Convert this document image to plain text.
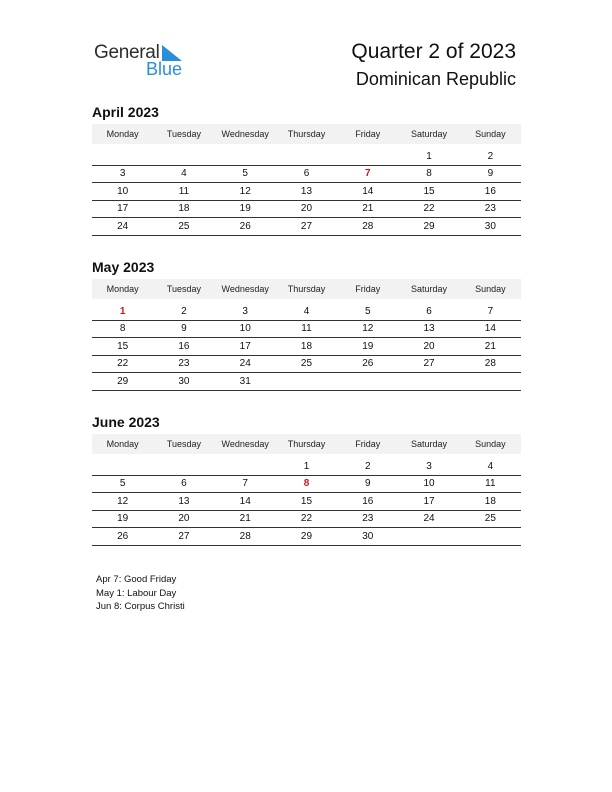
General
Blue
Quarter 2 of 2023
Dominican Republic
April 2023
Monday	Tuesday	Wednesday	Thursday	Friday	Saturday	Sunday

					1	2
3	4	5	6	7	8	9
10	11	12	13	14	15	16
17	18	19	20	21	22	23
24	25	26	27	28	29	30
May 2023
Monday	Tuesday	Wednesday	Thursday	Friday	Saturday	Sunday

1	2	3	4	5	6	7
8	9	10	11	12	13	14
15	16	17	18	19	20	21
22	23	24	25	26	27	28
29	30	31				
June 2023
Monday	Tuesday	Wednesday	Thursday	Friday	Saturday	Sunday

			1	2	3	4
5	6	7	8	9	10	11
12	13	14	15	16	17	18
19	20	21	22	23	24	25
26	27	28	29	30		
Apr 7: Good Friday
May 1: Labour Day
Jun 8: Corpus Christi
